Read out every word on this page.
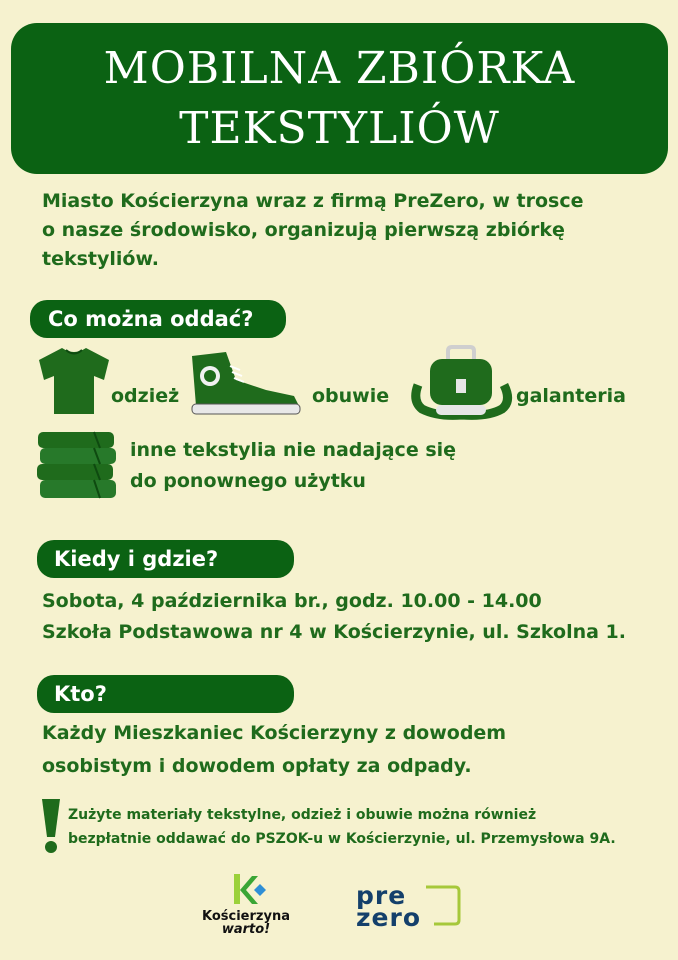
MOBILNA ZBIÓRKA
TEKSTYLIÓW
Miasto Kościerzyna wraz z firmą PreZero, w trosce
o nasze środowisko, organizują pierwszą zbiórkę
tekstyliów.
Co można oddać?
odzież	obuwie	galanteria
inne tekstylia nie nadające się
do ponownego użytku
Kiedy i gdzie?
Sobota, 4 października br., godz. 10.00 - 14.00
Szkoła Podstawowa nr 4 w Kościerzynie, ul. Szkolna 1.
Kto?
Każdy Mieszkaniec Kościerzyny z dowodem
osobistym i dowodem opłaty za odpady.
Zużyte materiały tekstylne, odzież i obuwie można również
bezpłatnie oddawać do PSZOK-u w Kościerzynie, ul. Przemysłowa 9A.
Kościerzyna
warto!
pre
zero
